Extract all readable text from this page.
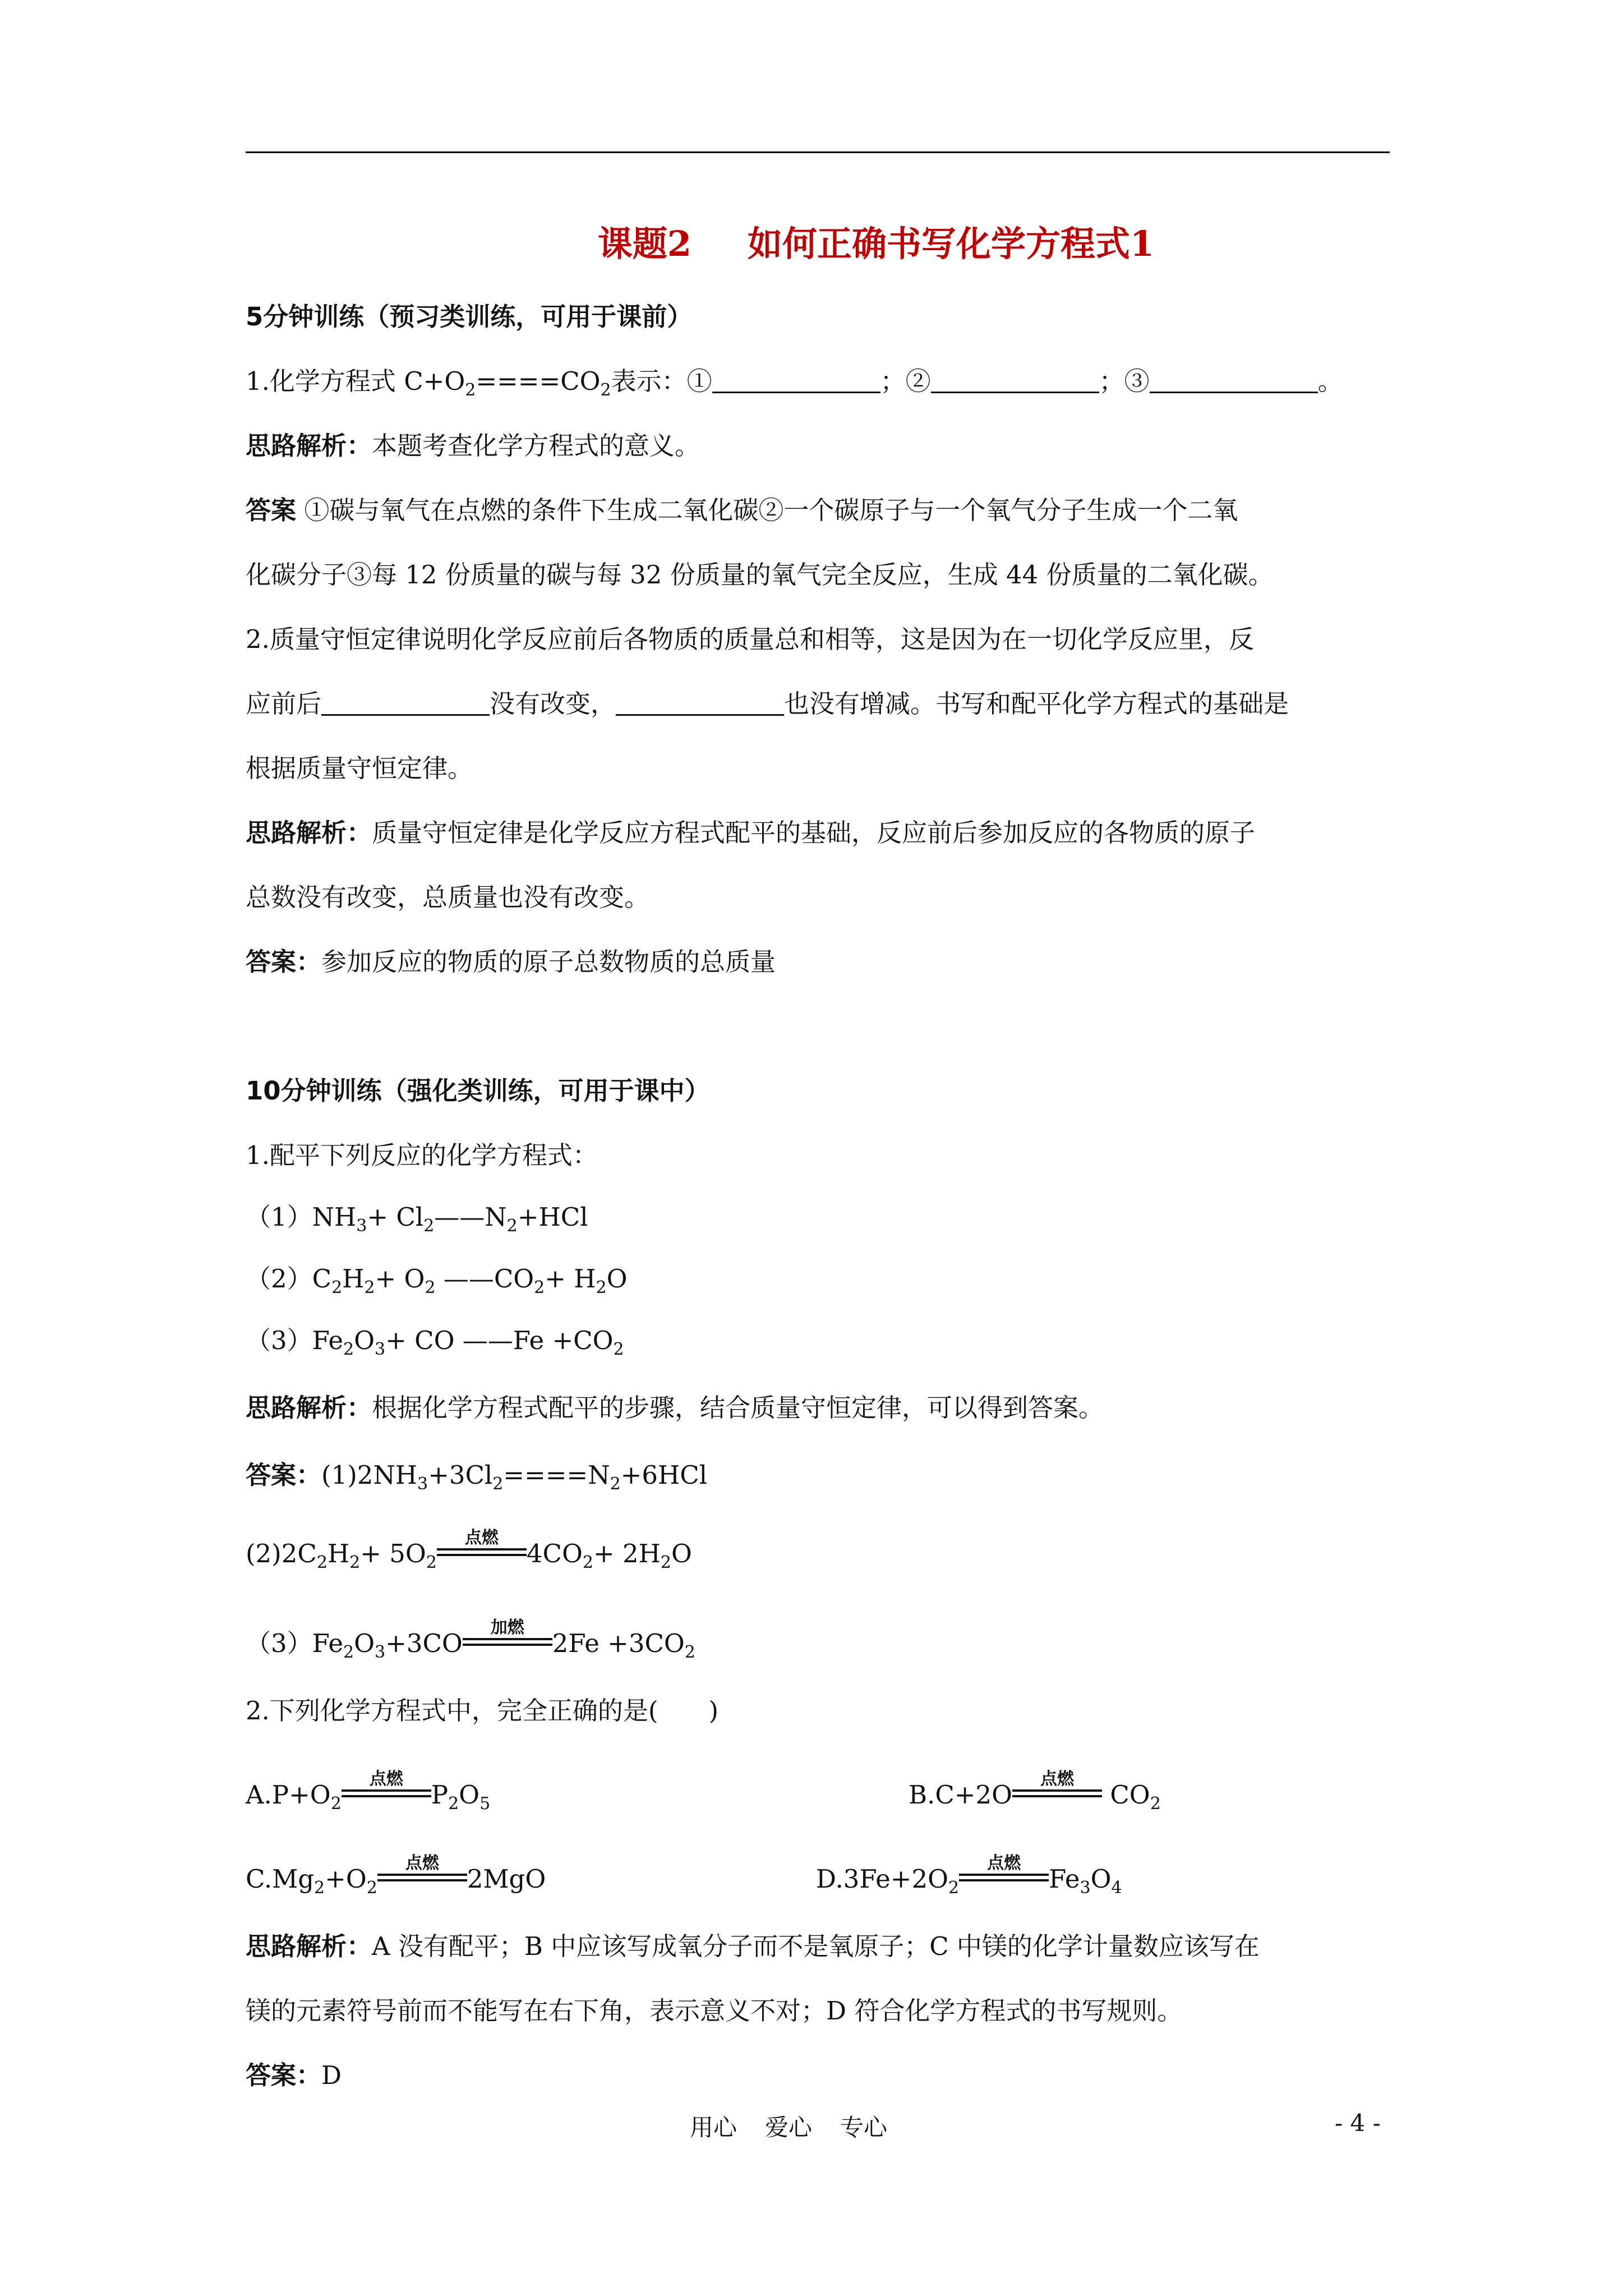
课题2 如何正确书写化学方程式1
5分钟训练（预习类训练，可用于课前）
1.化学方程式 $C+O_2====CO_2$表示：①	；②	；③	。
思路解析：本题考查化学方程式的意义。
答案 ①碳与氧气在点燃的条件下生成二氧化碳②一个碳原子与一个氧气分子生成一个二氧
化碳分子③每 12 份质量的碳与每 32 份质量的氧气完全反应，生成 44 份质量的二氧化碳。
2.质量守恒定律说明化学反应前后各物质的质量总和相等，这是因为在一切化学反应里，反
应前后	没有改变，	也没有增减。书写和配平化学方程式的基础是
根据质量守恒定律。
思路解析：质量守恒定律是化学反应方程式配平的基础，反应前后参加反应的各物质的原子
总数没有改变，总质量也没有改变。
答案：参加反应的物质的原子总数物质的总质量
10分钟训练（强化类训练，可用于课中）
1.配平下列反应的化学方程式：
$(1)NH_3+$ $Cl_2——N_2+HCl$
$(2)C_2H_2+ O_2$ $——CO_2+ H_2O$
$(3)Fe_2O_3+$ CO ——Fe $+CO_2$
思路解析：根据化学方程式配平的步骤，结合质量守恒定律，可以得到答案。
答案：$(1)2NH_3+3Cl_2====N_2+6HCl$
$(2)2C_2H_2+ 5O_2$
点燃
$4CO_2+ 2H_2O$
$(3)Fe_2O_3+3CO$
加燃
$2Fe +3CO_2$
2.下列化学方程式中，完全正确的是(　　)
$A.P+O_2$
点燃
$P_2O_5$	B.C+2O
点燃
$CO_2$
$C.Mg_2+O_2$
点燃
2MgO	$D.3Fe+2O_2$
点燃
$Fe_3O_4$
思路解析：A 没有配平；B 中应该写成氧分子而不是氧原子；C 中镁的化学计量数应该写在
镁的元素符号前而不能写在右下角，表示意义不对；D 符合化学方程式的书写规则。
答案：D
用心 爱心 专心	- 4 -
